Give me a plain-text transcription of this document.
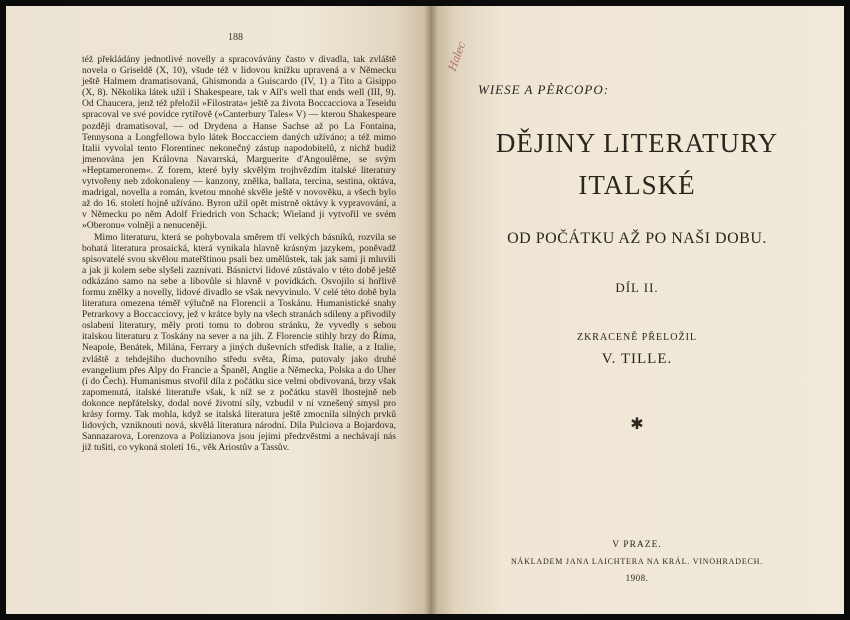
188

též překládány jednotlivé novelly a spracovávány často v divadla, tak zvláště novela o Griseldě (X, 10), všude též v lidovou knížku upravená a v Německu ještě Halmem dramatisovaná, Ghismonda a Guiscardo (IV, 1) a Tito a Gisippo (X, 8). Několika látek užil i Shakespeare, tak v All's well that ends well (III, 9). Od Chaucera, jenž též přeložil »Filostrata« ještě za života Boccacciova a Teseidu spracoval ve své povídce rytířově (»Canterbury Tales« V) — kterou Shakespeare později dramatisoval, — od Drydena a Hanse Sachse až po La Fontaina, Tennysona a Longfellowa bylo látek Boccacciem daných užíváno; a též mimo Italii vyvolal tento Florentinec nekonečný zástup napodobitelů, z nichž budiž jmenována jen Královna Navarrská, Marguerite d'Angoulême, se svým »Heptameronem«. Z forem, které byly skvělým trojhvězdím italské literatury vytvořeny neb zdokonaleny — kanzony, znělka, ballata, tercina, sestina, oktáva, madrigal, novella a román, kvetou mnohé skvěle ještě v novověku, a všech bylo až do 16. století hojně užíváno. Byron užil opět mistrně oktávy k vypravování, a v Německu po něm Adolf Friedrich von Schack; Wieland ji vytvořil ve svém »Oberonu« volněji a nenuceněji.

Mimo literaturu, která se pohybovala směrem tří velkých básníků, rozvila se bohatá literatura prosaická, která vynikala hlavně krásným jazykem, poněvadž spisovatelé svou skvělou mateřštinou psali bez umělůstek, tak jak sami ji mluvili a jak ji kolem sebe slyšeli zaznívati. Básnictví lidové zůstávalo v této době ještě odkázáno samo na sebe a libovůle si hlavně v povídkách. Osvojilo si hořlivě formu znělky a novelly, lidové divadlo se však nevyvinulo. V celé této době byla literatura omezena téměř výlučně na Florencii a Toskánu. Humanistické snahy Petrarkovy a Boccacciovy, jež v krátce byly na všech stranách sdíleny a přivodily oslabení literatury, měly proti tomu to dobrou stránku, že vyvedly s sebou italskou literaturu z Toskány na sever a na jih. Z Florencie stihly brzy do Říma, Neapole, Benátek, Milána, Ferrary a jiných duševních středisk Italie, a z Italie, zvláště z tehdejšího duchovního středu světa, Říma, putovaly jako druhé evangelium přes Alpy do Francie a Španěl, Anglie a Německa, Polska a do Uher (i do Čech). Humanismus stvořil díla z počátku sice velmi obdivovaná, brzy však zapomenutá, italské literatuře však, k níž se z počátku stavěl lhostejně neb dokonce nepřátelsky, dodal nové životní síly, vzbudil v ní vznešený smysl pro krásy formy. Tak mohla, když se italská literatura ještě zmocnila silných prvků lidových, vzniknouti nová, skvělá literatura národní. Díla Pulciova a Bojardova, Sannazarova, Lorenzova a Polizianova jsou jejími předzvěstmi a nechávají nás již tušiti, co vykoná století 16., věk Ariostův a Tassův.

Halec
WIESE A PÈRCOPO:
DĚJINY LITERATURY
ITALSKÉ
OD POČÁTKU AŽ PO NAŠI DOBU.
DÍL II.
ZKRACENĚ PŘELOŽIL
V. TILLE.
✱
V PRAZE.
NÁKLADEM JANA LAICHTERA NA KRÁL. VINOHRADECH.
1908.
